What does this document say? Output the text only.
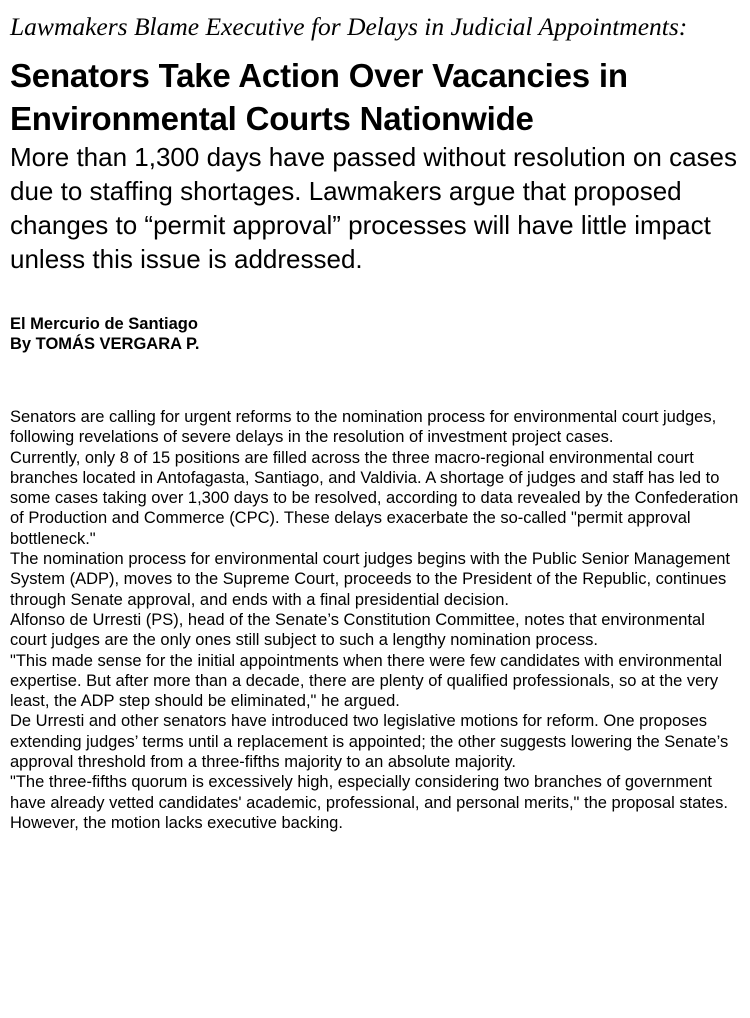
Lawmakers Blame Executive for Delays in Judicial Appointments:
Senators Take Action Over Vacancies in Environmental Courts Nationwide
More than 1,300 days have passed without resolution on cases due to staffing shortages. Lawmakers argue that proposed changes to “permit approval” processes will have little impact unless this issue is addressed.
El Mercurio de Santiago
By TOMÁS VERGARA P.

Senators are calling for urgent reforms to the nomination process for environmental court judges, following revelations of severe delays in the resolution of investment project cases.

Currently, only 8 of 15 positions are filled across the three macro-regional environmental court branches located in Antofagasta, Santiago, and Valdivia. A shortage of judges and staff has led to some cases taking over 1,300 days to be resolved, according to data revealed by the Confederation of Production and Commerce (CPC). These delays exacerbate the so-called "permit approval bottleneck."

The nomination process for environmental court judges begins with the Public Senior Management System (ADP), moves to the Supreme Court, proceeds to the President of the Republic, continues through Senate approval, and ends with a final presidential decision.

Alfonso de Urresti (PS), head of the Senate’s Constitution Committee, notes that environmental court judges are the only ones still subject to such a lengthy nomination process.

"This made sense for the initial appointments when there were few candidates with environmental expertise. But after more than a decade, there are plenty of qualified professionals, so at the very least, the ADP step should be eliminated," he argued.

De Urresti and other senators have introduced two legislative motions for reform. One proposes extending judges’ terms until a replacement is appointed; the other suggests lowering the Senate’s approval threshold from a three-fifths majority to an absolute majority.

"The three-fifths quorum is excessively high, especially considering two branches of government have already vetted candidates' academic, professional, and personal merits," the proposal states. However, the motion lacks executive backing.
